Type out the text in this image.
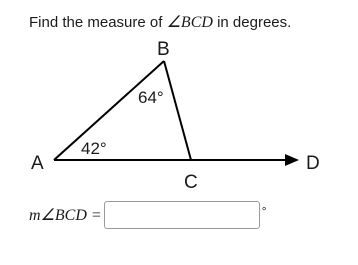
Find the measure of ∠BCD in degrees.
B
A
C
D
64°
42°
m∠BCD =	°
